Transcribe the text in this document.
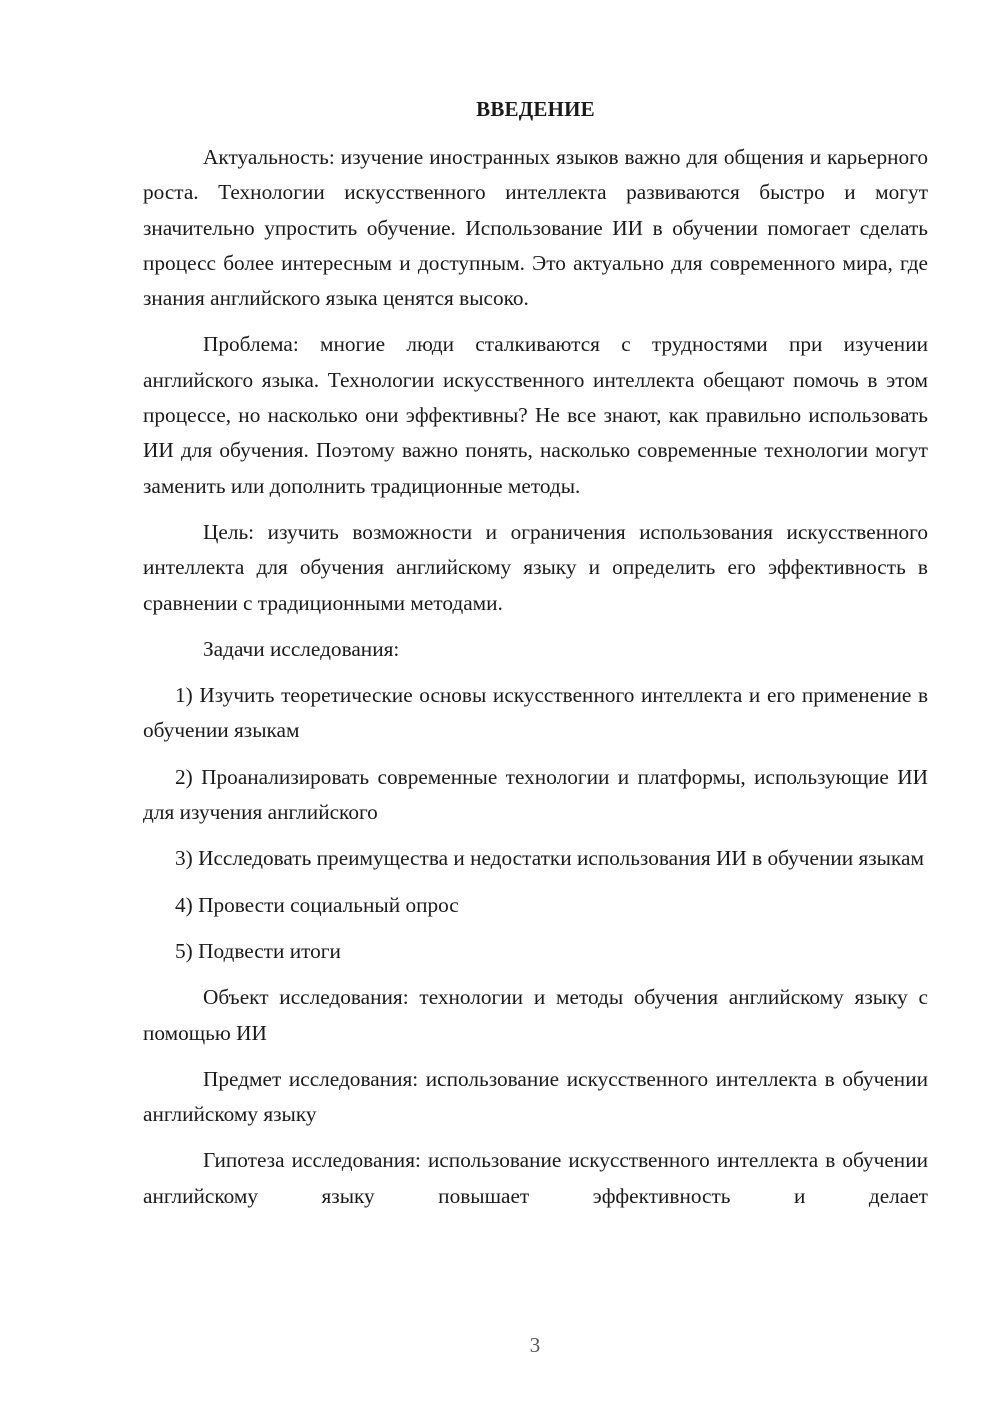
ВВЕДЕНИЕ

Актуальность: изучение иностранных языков важно для общения и карьерного роста. Технологии искусственного интеллекта развиваются быстро и могут значительно упростить обучение. Использование ИИ в обучении помогает сделать процесс более интересным и доступным. Это актуально для современного мира, где знания английского языка ценятся высоко.

Проблема: многие люди сталкиваются с трудностями при изучении английского языка. Технологии искусственного интеллекта обещают помочь в этом процессе, но насколько они эффективны? Не все знают, как правильно использовать ИИ для обучения. Поэтому важно понять, насколько современные технологии могут заменить или дополнить традиционные методы.

Цель: изучить возможности и ограничения использования искусственного интеллекта для обучения английскому языку и определить его эффективность в сравнении с традиционными методами.

Задачи исследования:

1) Изучить теоретические основы искусственного интеллекта и его применение в обучении языкам

2) Проанализировать современные технологии и платформы, использующие ИИ для изучения английского

3) Исследовать преимущества и недостатки использования ИИ в обучении языкам

4) Провести социальный опрос

5) Подвести итоги

Объект исследования: технологии и методы обучения английскому языку с помощью ИИ

Предмет исследования: использование искусственного интеллекта в обучении английскому языку

Гипотеза исследования: использование искусственного интеллекта в обучении английскому языку повышает эффективность и делает

3
